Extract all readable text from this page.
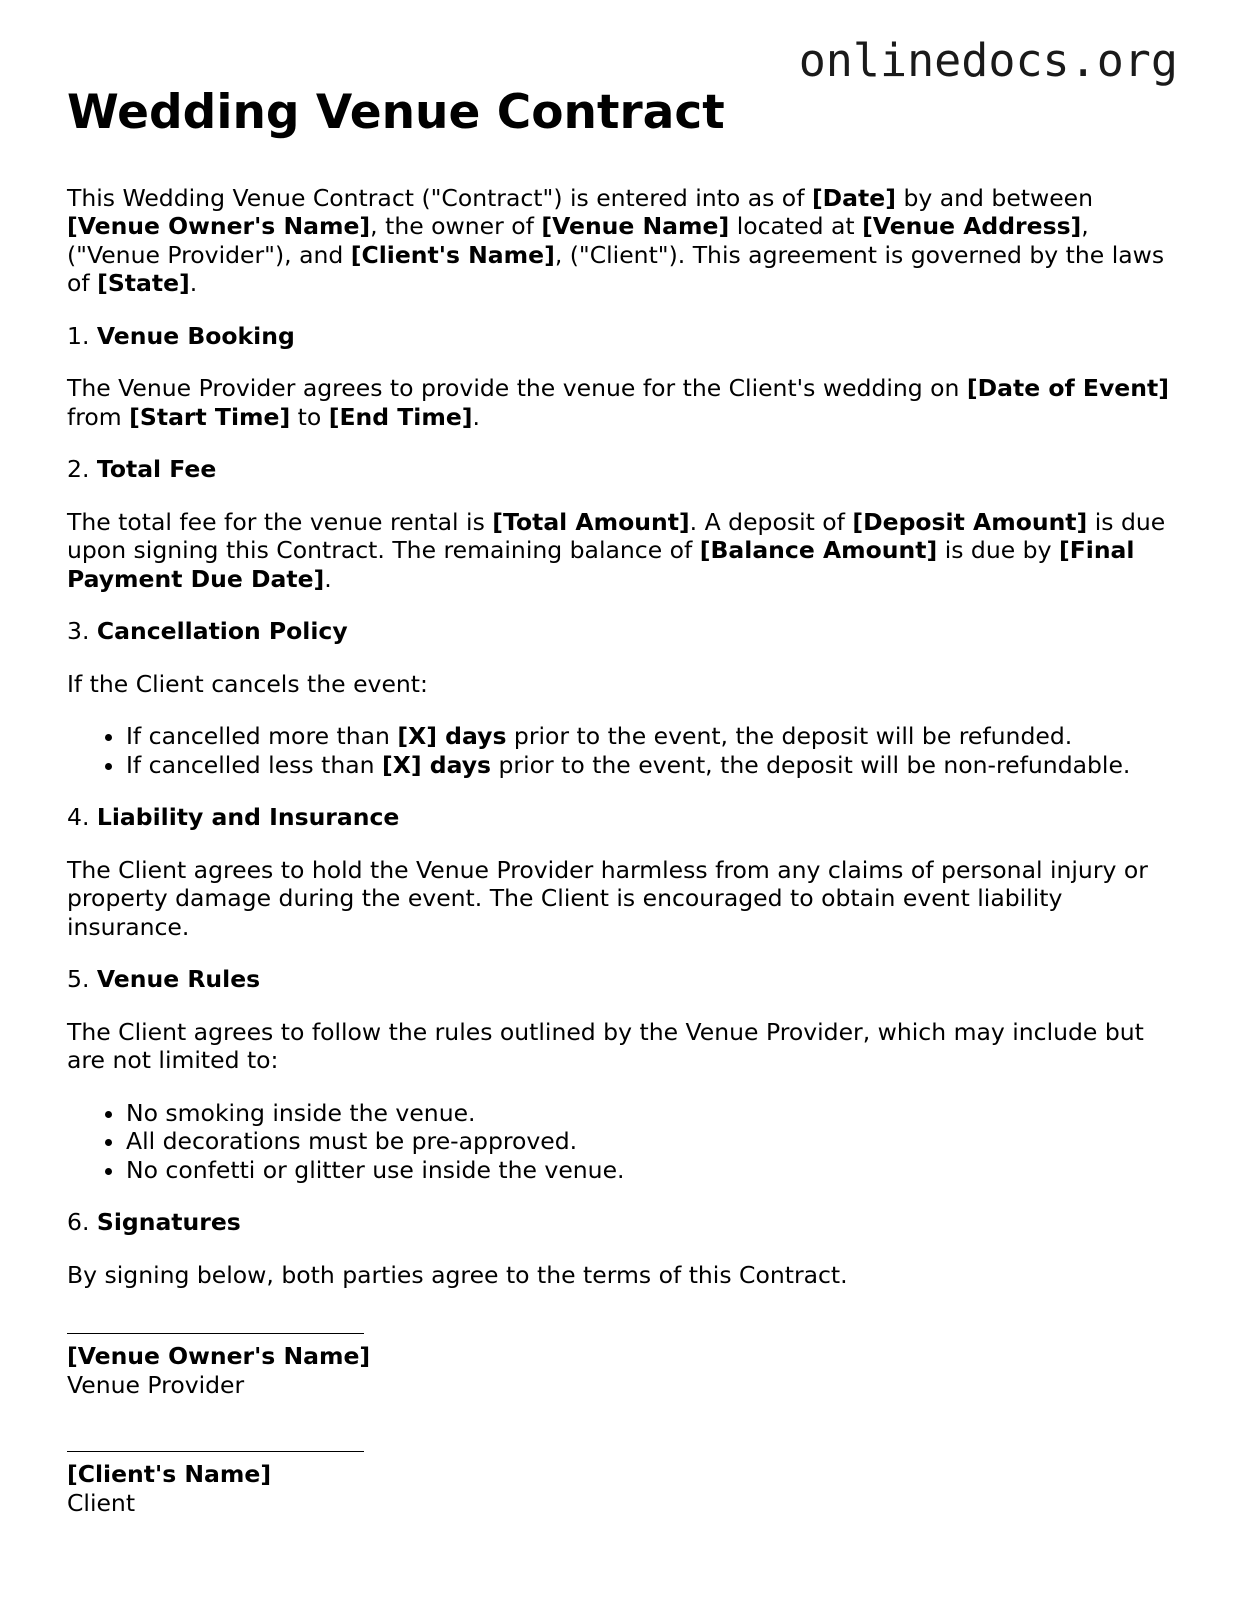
onlinedocs.org
Wedding Venue Contract

This Wedding Venue Contract ("Contract") is entered into as of [Date] by and between [Venue Owner's Name], the owner of [Venue Name] located at [Venue Address], ("Venue Provider"), and [Client's Name], ("Client"). This agreement is governed by the laws of [State].

1. Venue Booking

The Venue Provider agrees to provide the venue for the Client's wedding on [Date of Event] from [Start Time] to [End Time].

2. Total Fee

The total fee for the venue rental is [Total Amount]. A deposit of [Deposit Amount] is due upon signing this Contract. The remaining balance of [Balance Amount] is due by [Final Payment Due Date].

3. Cancellation Policy

If the Client cancels the event:

• If cancelled more than [X] days prior to the event, the deposit will be refunded.
• If cancelled less than [X] days prior to the event, the deposit will be non-refundable.
4. Liability and Insurance

The Client agrees to hold the Venue Provider harmless from any claims of personal injury or property damage during the event. The Client is encouraged to obtain event liability insurance.

5. Venue Rules

The Client agrees to follow the rules outlined by the Venue Provider, which may include but are not limited to:

• No smoking inside the venue.
• All decorations must be pre-approved.
• No confetti or glitter use inside the venue.
6. Signatures

By signing below, both parties agree to the terms of this Contract.

[Venue Owner's Name]
Venue Provider
[Client's Name]
Client
